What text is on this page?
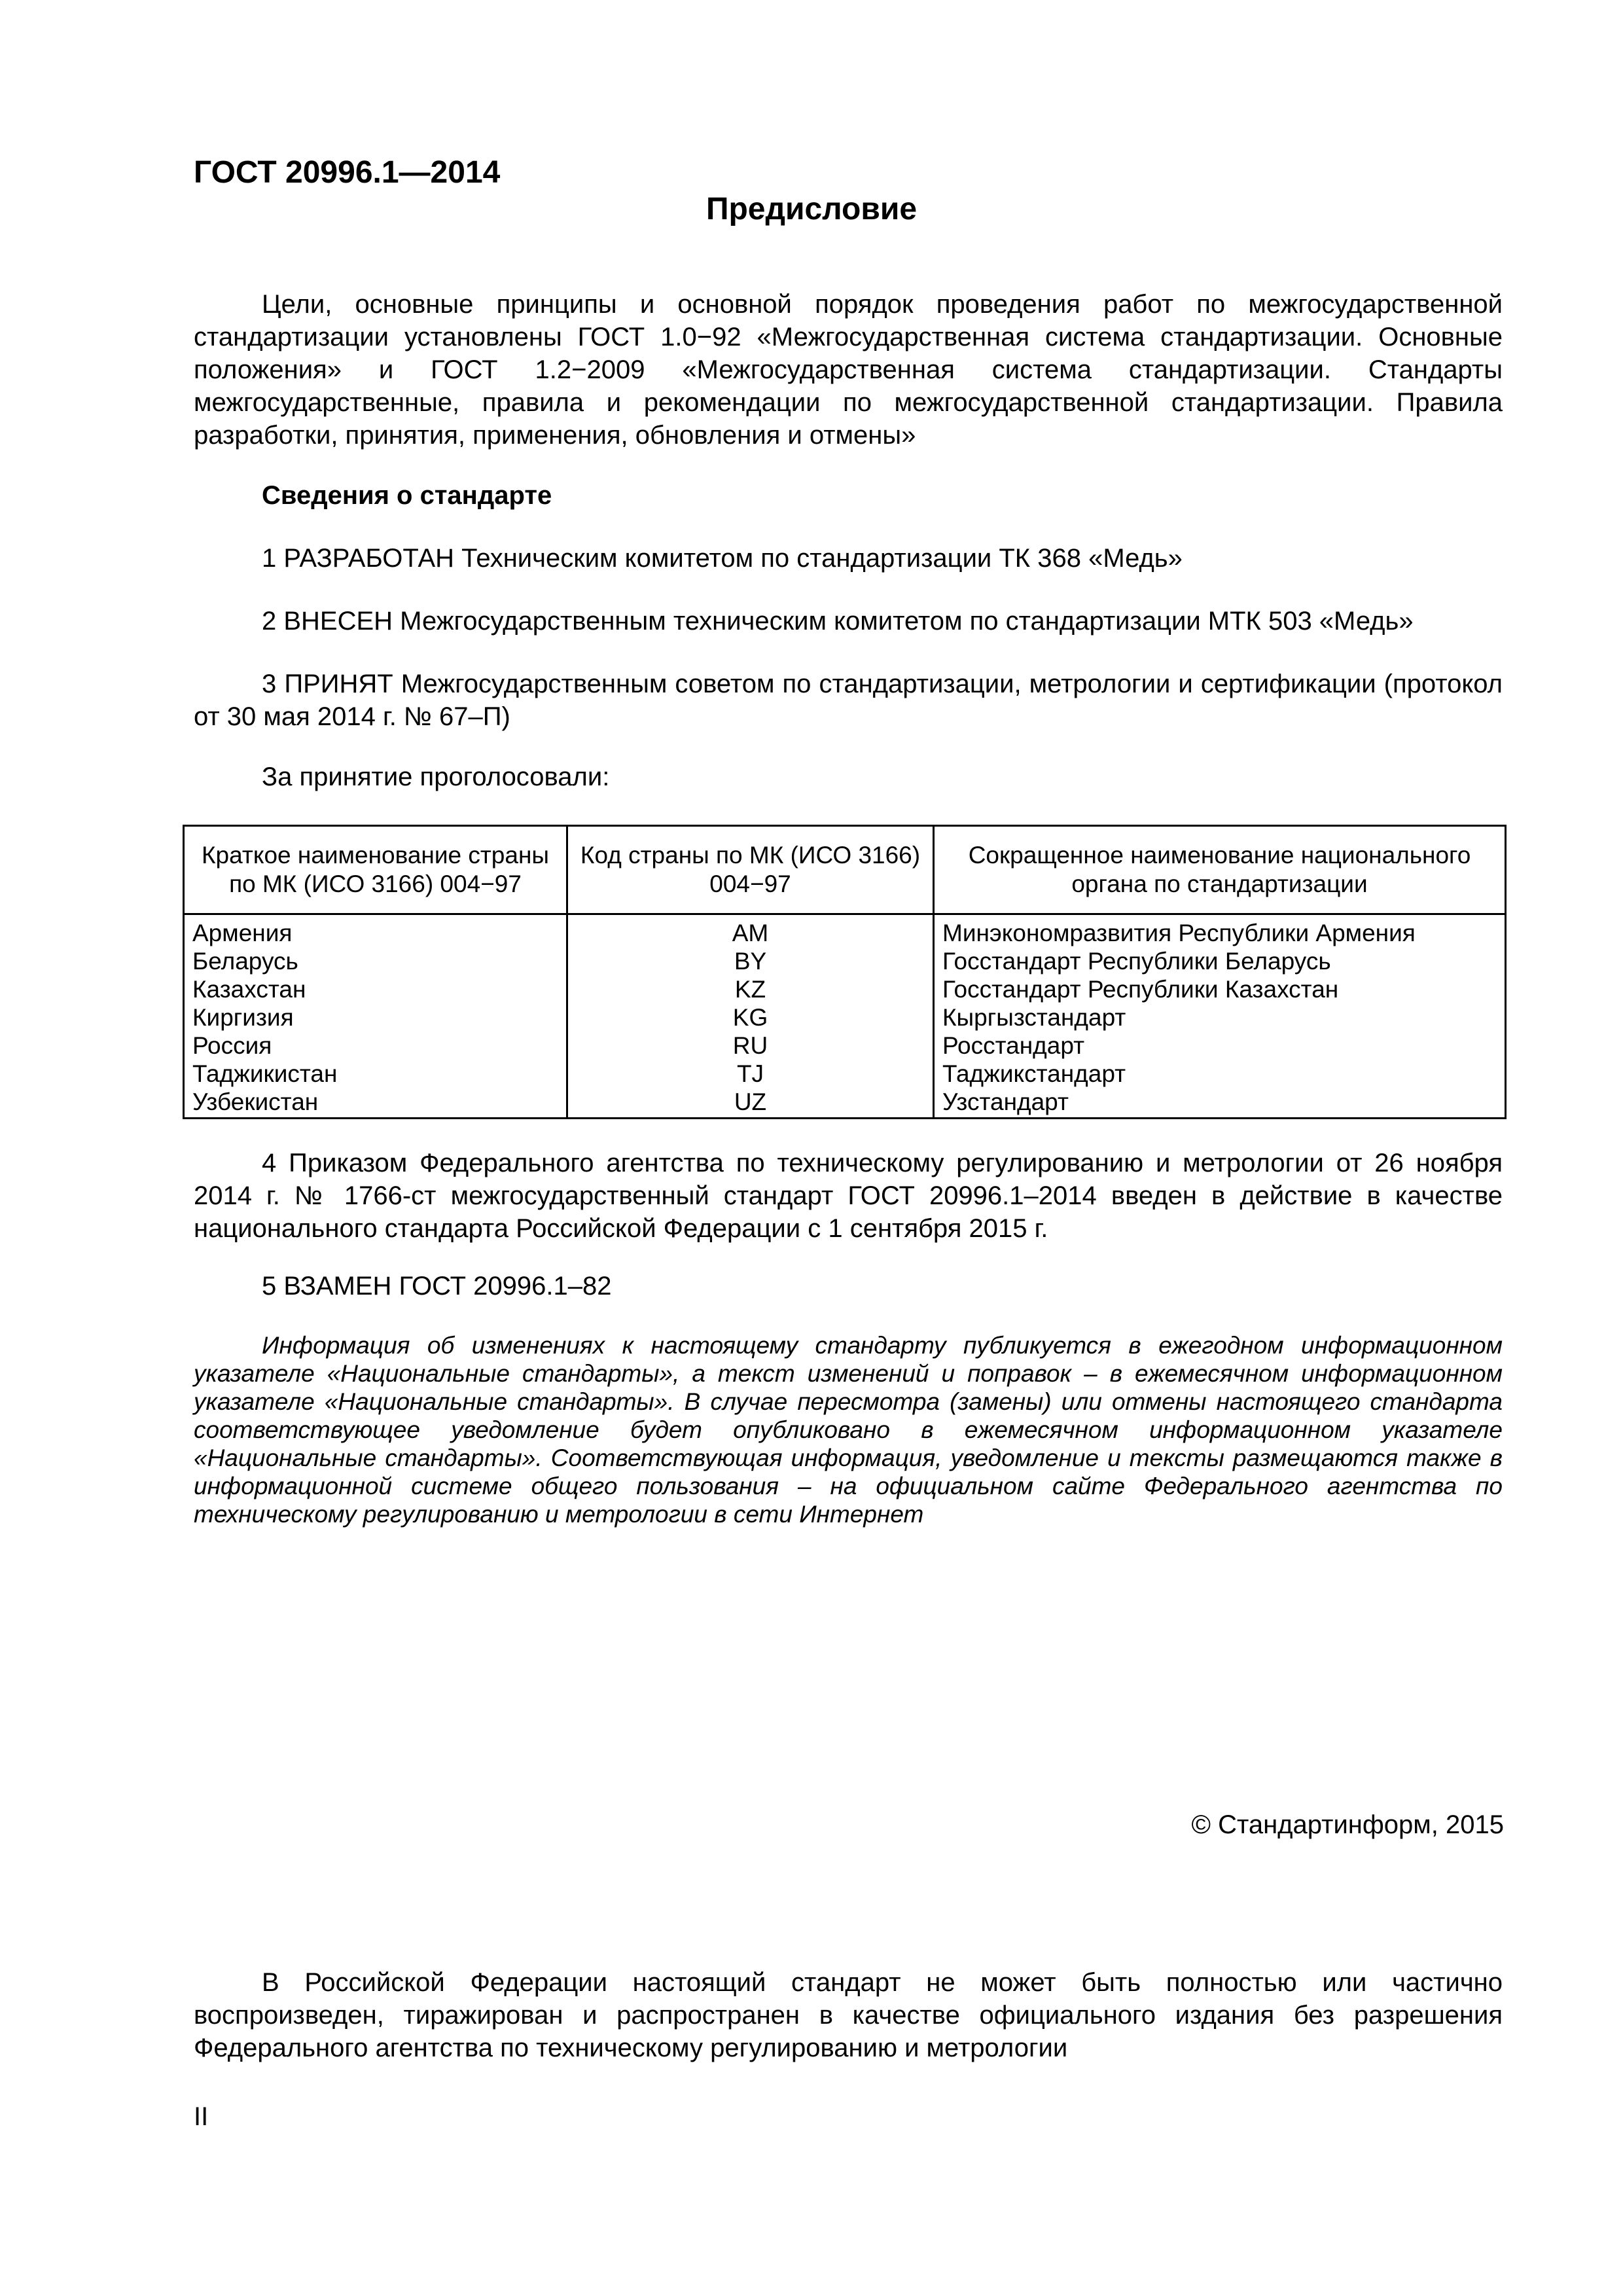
ГОСТ 20996.1—2014
Предисловие
Цели, основные принципы и основной порядок проведения работ по межгосударственной стандартизации установлены ГОСТ 1.0−92 «Межгосударственная система стандартизации. Основные положения» и ГОСТ 1.2−2009 «Межгосударственная система стандартизации. Стандарты межгосударственные, правила и рекомендации по межгосударственной стандартизации. Правила разработки, принятия, применения, обновления и отмены»
Сведения о стандарте
1 РАЗРАБОТАН Техническим комитетом по стандартизации ТК 368 «Медь»
2 ВНЕСЕН Межгосударственным техническим комитетом по стандартизации МТК 503 «Медь»
3 ПРИНЯТ Межгосударственным советом по стандартизации, метрологии и сертификации (протокол от 30 мая 2014 г. № 67–П)
За принятие проголосовали:
Краткое наименование страны по МК (ИСО 3166) 004−97	Код страны по МК (ИСО 3166) 004−97	Сокращенное наименование национального органа по стандартизации
Армения	AM	Минэкономразвития Республики Армения
Беларусь	BY	Госстандарт Республики Беларусь
Казахстан	KZ	Госстандарт Республики Казахстан
Киргизия	KG	Кыргызстандарт
Россия	RU	Росстандарт
Таджикистан	TJ	Таджикстандарт
Узбекистан	UZ	Узстандарт
4 Приказом Федерального агентства по техническому регулированию и метрологии от 26 ноября 2014 г. № 1766-ст межгосударственный стандарт ГОСТ 20996.1–2014 введен в действие в качестве национального стандарта Российской Федерации с 1 сентября 2015 г.
5 ВЗАМЕН ГОСТ 20996.1–82
Информация об изменениях к настоящему стандарту публикуется в ежегодном информационном указателе «Национальные стандарты», а текст изменений и поправок – в ежемесячном информационном указателе «Национальные стандарты». В случае пересмотра (замены) или отмены настоящего стандарта соответствующее уведомление будет опубликовано в ежемесячном информационном указателе «Национальные стандарты». Соответствующая информация, уведомление и тексты размещаются также в информационной системе общего пользования – на официальном сайте Федерального агентства по техническому регулированию и метрологии в сети Интернет
© Стандартинформ, 2015
В Российской Федерации настоящий стандарт не может быть полностью или частично воспроизведен, тиражирован и распространен в качестве официального издания без разрешения Федерального агентства по техническому регулированию и метрологии
II
